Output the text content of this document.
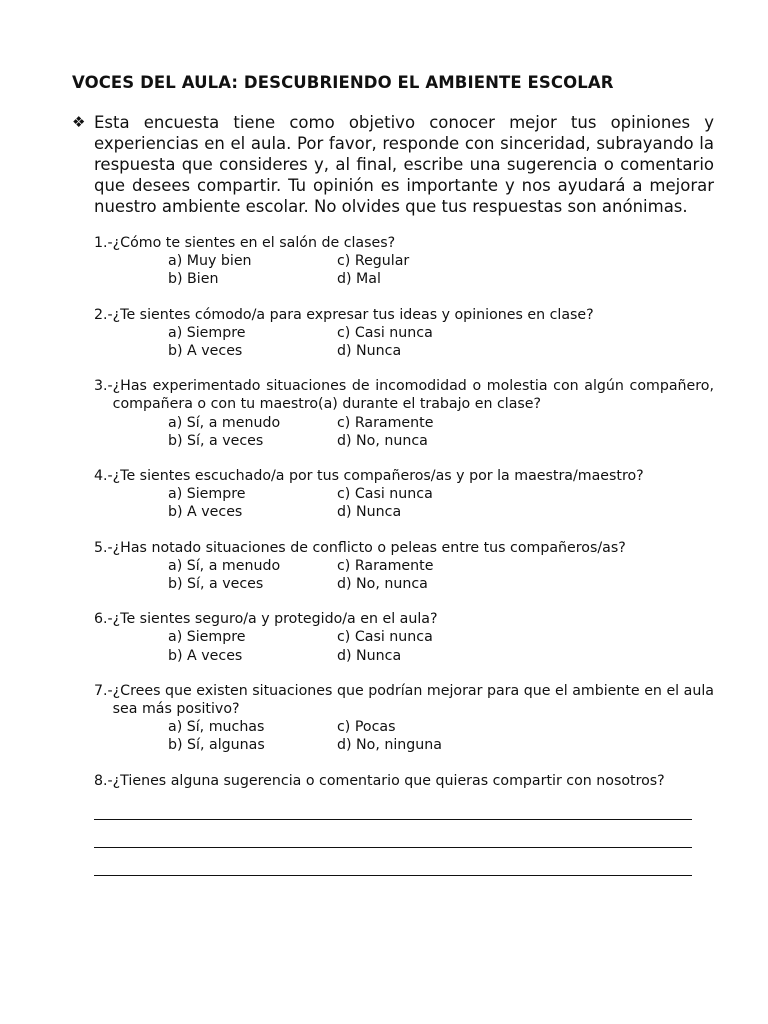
VOCES DEL AULA: DESCUBRIENDO EL AMBIENTE ESCOLAR
❖ Esta encuesta tiene como objetivo conocer mejor tus opiniones y experiencias en el aula. Por favor, responde con sinceridad, subrayando la respuesta que consideres y, al final, escribe una sugerencia o comentario que desees compartir. Tu opinión es importante y nos ayudará a mejorar nuestro ambiente escolar. No olvides que tus respuestas son anónimas.
1.- ¿Cómo te sientes en el salón de clases?
a) Muy bien	c) Regular
b) Bien	d) Mal
2.- ¿Te sientes cómodo/a para expresar tus ideas y opiniones en clase?
a) Siempre	c) Casi nunca
b) A veces	d) Nunca
3.- ¿Has experimentado situaciones de incomodidad o molestia con algún compañero, compañera o con tu maestro(a) durante el trabajo en clase?
a) Sí, a menudo	c) Raramente
b) Sí, a veces	d) No, nunca
4.- ¿Te sientes escuchado/a por tus compañeros/as y por la maestra/maestro?
a) Siempre	c) Casi nunca
b) A veces	d) Nunca
5.- ¿Has notado situaciones de conflicto o peleas entre tus compañeros/as?
a) Sí, a menudo	c) Raramente
b) Sí, a veces	d) No, nunca
6.- ¿Te sientes seguro/a y protegido/a en el aula?
a) Siempre	c) Casi nunca
b) A veces	d) Nunca
7.- ¿Crees que existen situaciones que podrían mejorar para que el ambiente en el aula sea más positivo?
a) Sí, muchas	c) Pocas
b) Sí, algunas	d) No, ninguna
8.- ¿Tienes alguna sugerencia o comentario que quieras compartir con nosotros?
